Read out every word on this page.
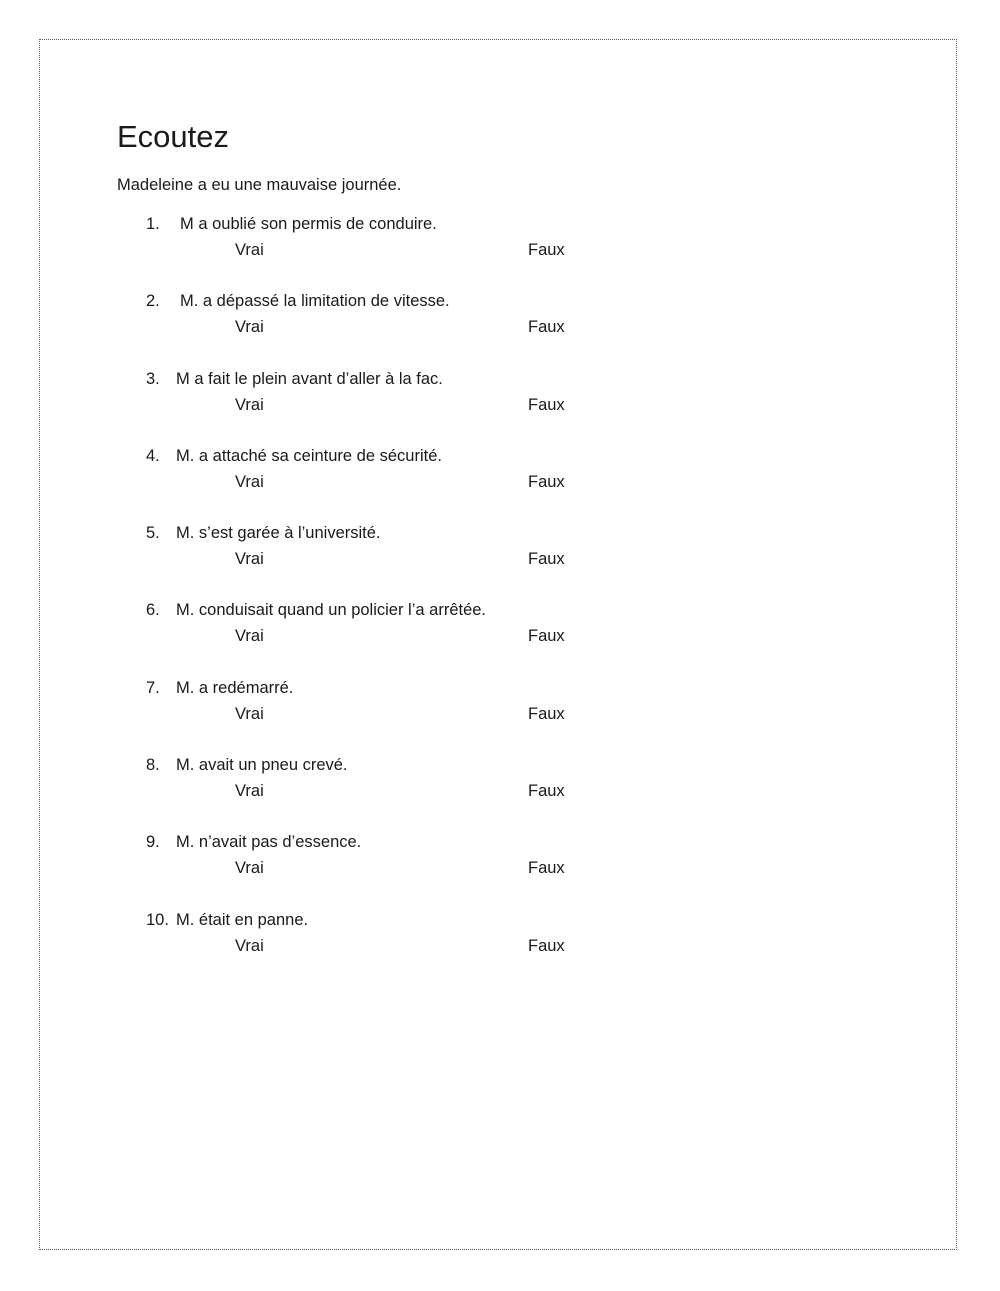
Ecoutez
Madeleine a eu une mauvaise journée.
1. M a oublié son permis de conduire.
Vrai	Faux
2. M. a dépassé la limitation de vitesse.
Vrai	Faux
3. M a fait le plein avant d’aller à la fac.
Vrai	Faux
4. M. a attaché sa ceinture de sécurité.
Vrai	Faux
5. M. s’est garée à l’université.
Vrai	Faux
6. M. conduisait quand un policier l’a arrêtée.
Vrai	Faux
7. M. a redémarré.
Vrai	Faux
8. M. avait un pneu crevé.
Vrai	Faux
9. M. n’avait pas d’essence.
Vrai	Faux
10. M. était en panne.
Vrai	Faux
